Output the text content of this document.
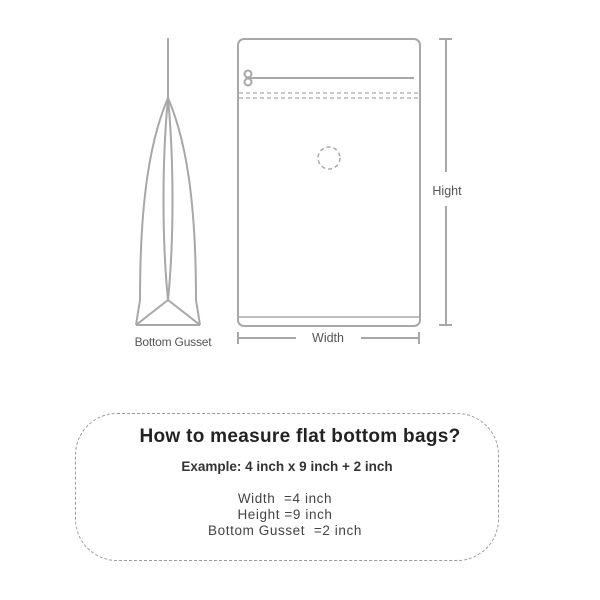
Bottom Gusset
Hight
Width
How to measure flat bottom bags?
Example: 4 inch x 9 inch + 2 inch
Width  =4 inch
Height =9 inch
Bottom Gusset  =2 inch
